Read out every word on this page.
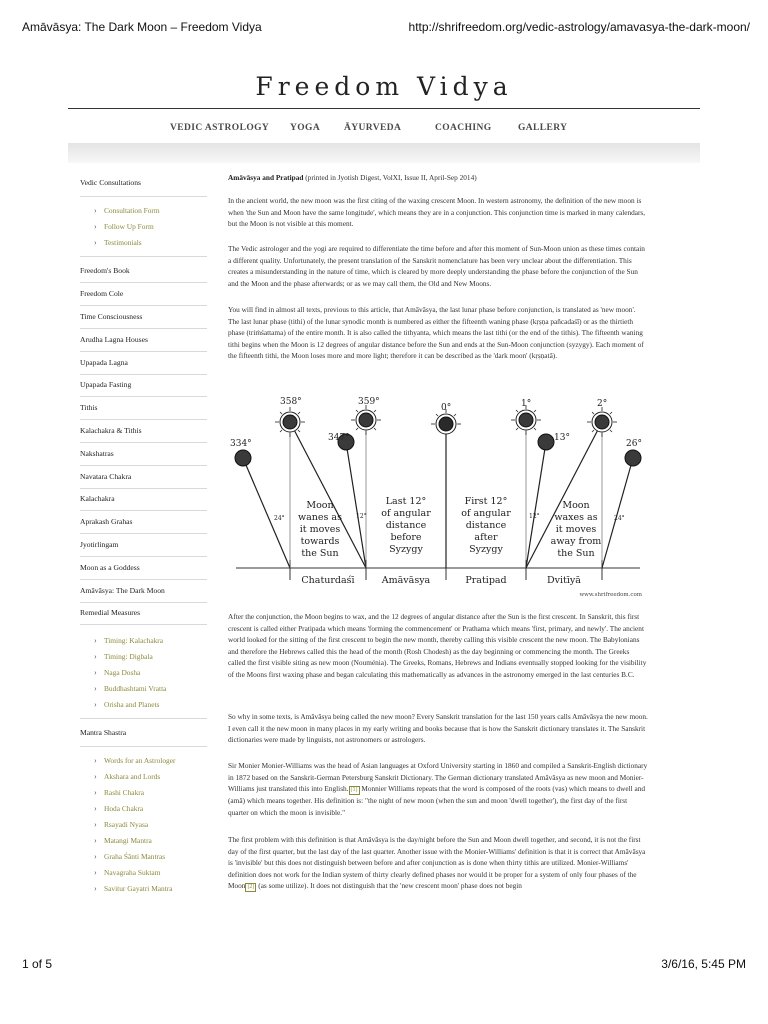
Amāvāsya: The Dark Moon – Freedom Vidya	http://shrifreedom.org/vedic-astrology/amavasya-the-dark-moon/
Freedom Vidya
VEDIC ASTROLOGY YOGA	ĀYURVEDA	COACHING	GALLERY
Vedic Consultations
› Consultation Form
› Follow Up Form
› Testimonials
Freedom's Book
Freedom Cole
Time Consciousness
Arudha Lagna Houses
Upapada Lagna
Upapada Fasting
Tithis
Kalachakra & Tithis
Nakshatras
Navatara Chakra
Kalachakra
Aprakash Grahas
Jyotirlingam
Moon as a Goddess
Amāvāsya: The Dark Moon
Remedial Measures
› Timing: Kalachakra
› Timing: Digbala
› Naga Dosha
› Buddhashtami Vratta
› Orisha and Planets
Mantra Shastra
› Words for an Astrologer
› Akshara and Lords
› Rashi Chakra
› Hoda Chakra
› Rsayadi Nyasa
› Matangi Mantra
› Graha Śānti Mantras
› Navagraha Suktam
› Savitur Gayatri Mantra

Amāvāsya and Pratipad (printed in Jyotish Digest, VolXI, Issue II, April-Sep 2014)

In the ancient world, the new moon was the first citing of the waxing crescent Moon. In western astronomy, the definition of the new moon is when 'the Sun and Moon have the same longitude', which means they are in a conjunction. This conjunction time is marked in many calendars, but the Moon is not visible at this moment.

The Vedic astrologer and the yogi are required to differentiate the time before and after this moment of Sun-Moon union as these times contain a different quality. Unfortunately, the present translation of the Sanskrit nomenclature has been very unclear about the differentiation. This creates a misunderstanding in the nature of time, which is cleared by more deeply understanding the phase before the conjunction of the Sun and the Moon and the phase afterwards; or as we may call them, the Old and New Moons.

You will find in almost all texts, previous to this article, that Amāvāsya, the last lunar phase before conjunction, is translated as 'new moon'. The last lunar phase (tithi) of the lunar synodic month is numbered as either the fifteenth waning phase (kṛṣṇa pañcadaśī) or as the thirtieth phase (triṁśattama) of the entire month. It is also called the tithyanta, which means the last tithi (or the end of the tithis). The fifteenth waning tithi begins when the Moon is 12 degrees of angular distance before the Sun and ends at the Sun-Moon conjunction (syzygy). Each moment of the fifteenth tithi, the Moon loses more and more light; therefore it can be described as the 'dark moon' (kṛṣṇatā).

After the conjunction, the Moon begins to wax, and the 12 degrees of angular distance after the Sun is the first crescent. In Sanskrit, this first crescent is called either Pratipada which means 'forming the commencement' or Prathama which means 'first, primary, and newly'. The ancient world looked for the sitting of the first crescent to begin the new month, thereby calling this visible crescent the new moon. The Babylonians and therefore the Hebrews called this the head of the month (Rosh Chodesh) as the day beginning or commencing the month. The Greeks called the first visible siting as new moon (Nouménia). The Greeks, Romans, Hebrews and Indians eventually stopped looking for the visibility of the Moons first waxing phase and began calculating this mathematically as advances in the astronomy emerged in the last centuries B.C.

So why in some texts, is Amāvāsya being called the new moon? Every Sanskrit translation for the last 150 years calls Amāvāsya the new moon. I even call it the new moon in many places in my early writing and books because that is how the Sanskrit dictionary translates it. The Sanskrit dictionaries were made by linguists, not astronomers or astrologers.

Sir Monier Monier-Williams was the head of Asian languages at Oxford University starting in 1860 and compiled a Sanskrit-English dictionary in 1872 based on the Sanskrit-German Petersburg Sanskrit Dictionary. The German dictionary translated Amāvāsya as new moon and Monier-Williams just translated this into English. [1] Monnier Williams repeats that the word is composed of the roots (vas) which means to dwell and (amā) which means together. His definition is: "the night of new moon (when the sun and moon 'dwell together'), the first day of the first quarter on which the moon is invisible."

The first problem with this definition is that Amāvāsya is the day/night before the Sun and Moon dwell together, and second, it is not the first day of the first quarter, but the last day of the last quarter. Another issue with the Monier-Williams' definition is that it is correct that Amāvāsya is 'invisible' but this does not distinguish between before and after conjunction as is done when thirty tithis are utilized. Monier-Williams' definition does not work for the Indian system of thirty clearly defined phases nor would it be proper for a system of only four phases of the Moon [2] (as some utilize). It does not distinguish that the 'new crescent moon' phase does not begin

334°
358°
347°
359°
0°	1°
13°
2°
26°
24°	12°	12°	24°
Moon
wanes as
it moves
towards
the Sun
Last 12°
of angular
distance
before
Syzygy
First 12°
of angular
distance
after
Syzygy
Moon
waxes as
it moves
away from
the Sun
Chaturdaśī	Amāvāsya	Pratipad	Dvitīyā
www.shrifreedom.com
1 of 5	3/6/16, 5:45 PM
